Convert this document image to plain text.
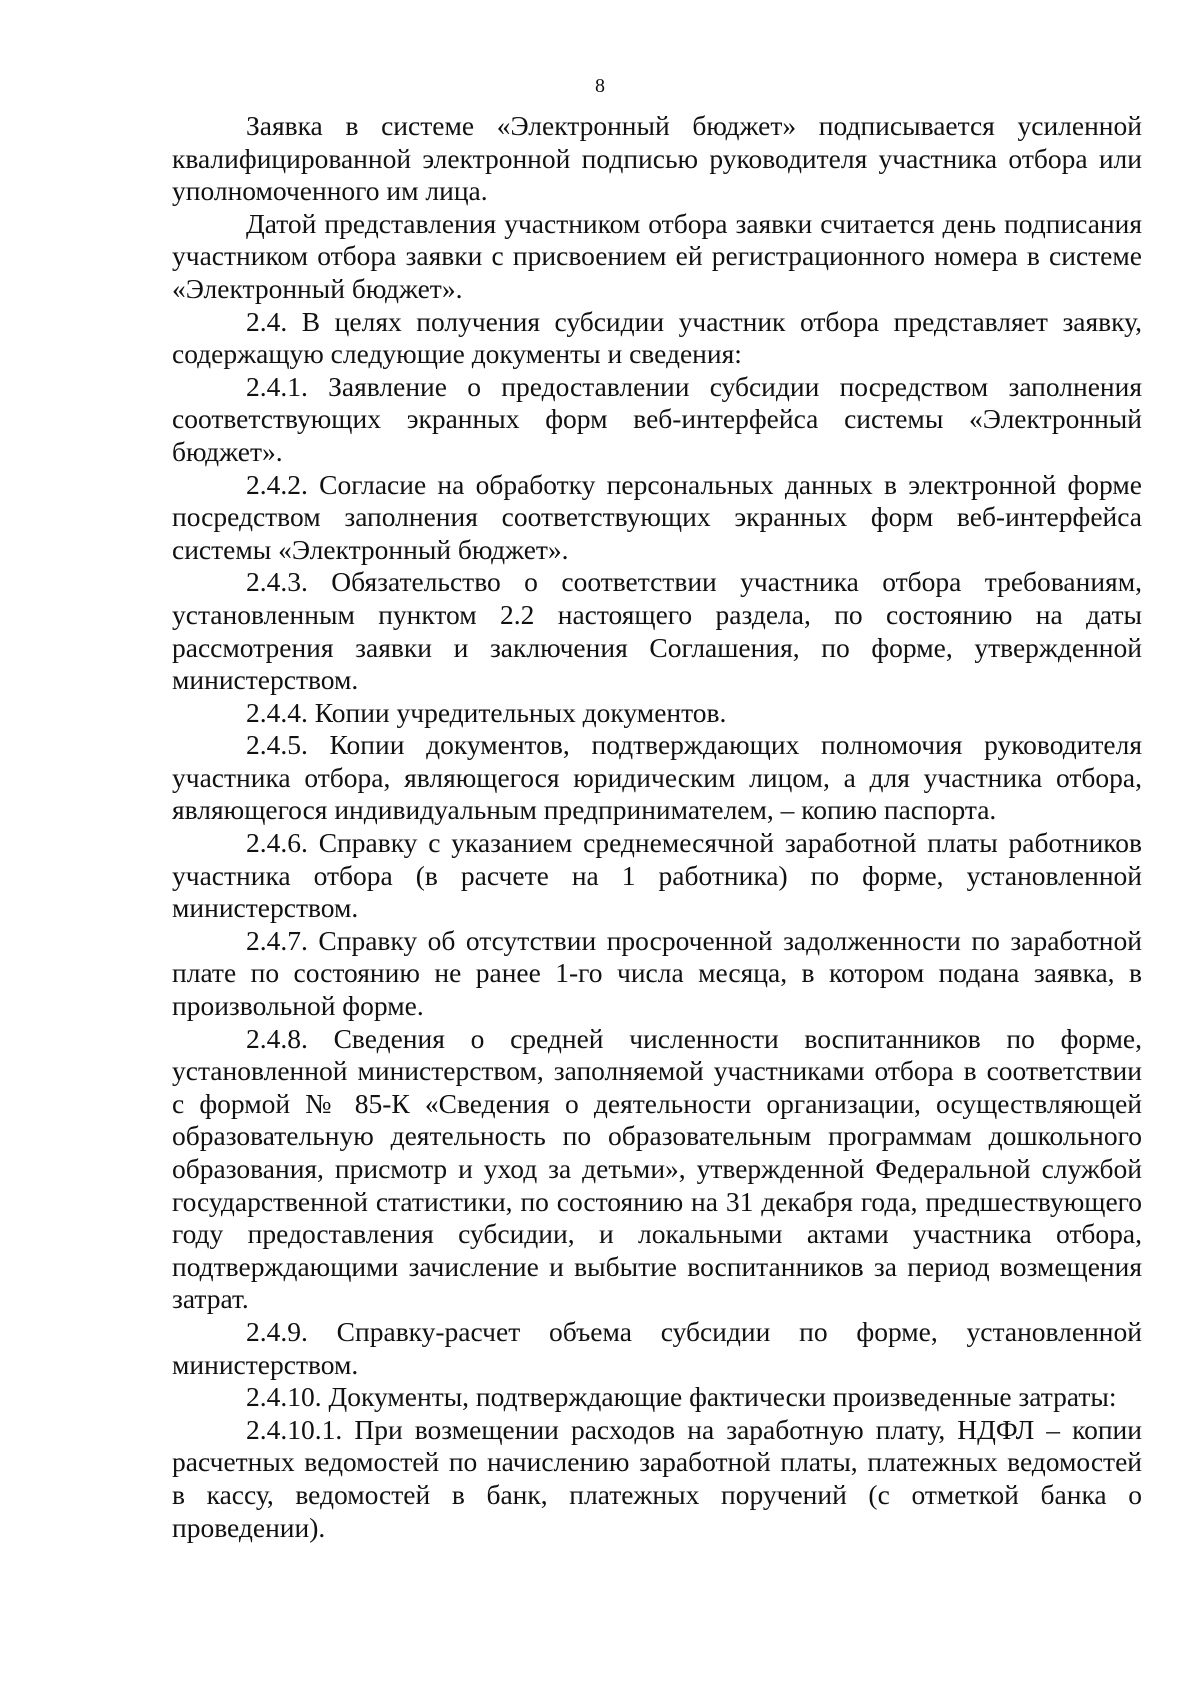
8

Заявка в системе «Электронный бюджет» подписывается усиленной квалифицированной электронной подписью руководителя участника отбора или уполномоченного им лица.

Датой представления участником отбора заявки считается день подписания участником отбора заявки с присвоением ей регистрационного номера в системе «Электронный бюджет».

2.4. В целях получения субсидии участник отбора представляет заявку, содержащую следующие документы и сведения:

2.4.1. Заявление о предоставлении субсидии посредством заполнения соответствующих экранных форм веб-интерфейса системы «Электронный бюджет».

2.4.2. Согласие на обработку персональных данных в электронной форме посредством заполнения соответствующих экранных форм веб-интерфейса системы «Электронный бюджет».

2.4.3. Обязательство о соответствии участника отбора требованиям, установленным пунктом 2.2 настоящего раздела, по состоянию на даты рассмотрения заявки и заключения Соглашения, по форме, утвержденной министерством.

2.4.4. Копии учредительных документов.

2.4.5. Копии документов, подтверждающих полномочия руководителя участника отбора, являющегося юридическим лицом, а для участника отбора, являющегося индивидуальным предпринимателем, – копию паспорта.

2.4.6. Справку с указанием среднемесячной заработной платы работников участника отбора (в расчете на 1 работника) по форме, установленной министерством.

2.4.7. Справку об отсутствии просроченной задолженности по заработной плате по состоянию не ранее 1-го числа месяца, в котором подана заявка, в произвольной форме.

2.4.8. Сведения о средней численности воспитанников по форме, установленной министерством, заполняемой участниками отбора в соответствии с формой № 85-К «Сведения о деятельности организации, осуществляющей образовательную деятельность по образовательным программам дошкольного образования, присмотр и уход за детьми», утвержденной Федеральной службой государственной статистики, по состоянию на 31 декабря года, предшествующего году предоставления субсидии, и локальными актами участника отбора, подтверждающими зачисление и выбытие воспитанников за период возмещения затрат.

2.4.9. Справку-расчет объема субсидии по форме, установленной министерством.

2.4.10. Документы, подтверждающие фактически произведенные затраты:

2.4.10.1. При возмещении расходов на заработную плату, НДФЛ – копии расчетных ведомостей по начислению заработной платы, платежных ведомостей в кассу, ведомостей в банк, платежных поручений (с отметкой банка о проведении).
